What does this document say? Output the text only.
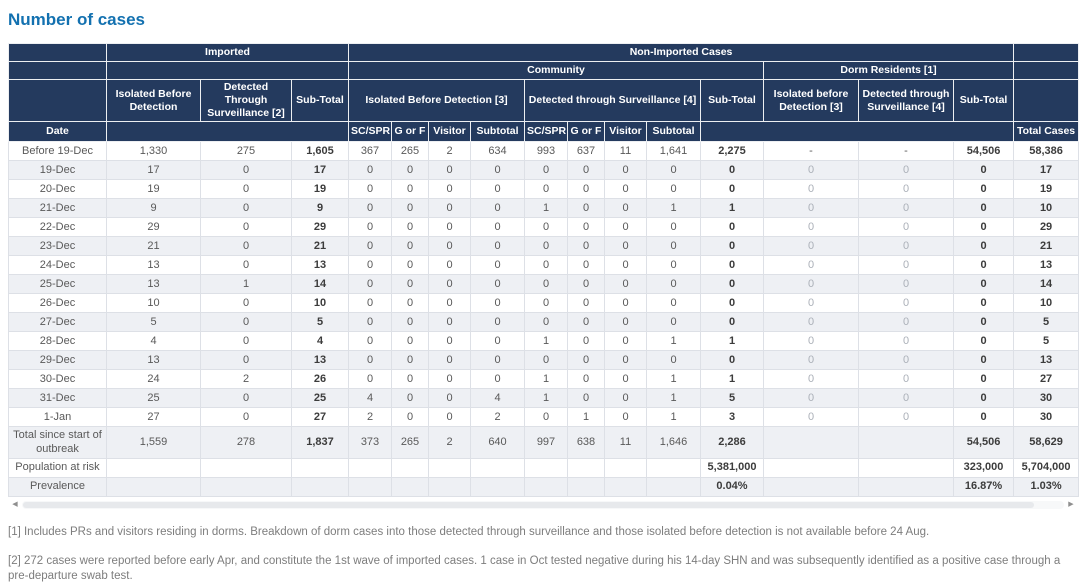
Number of cases
	Imported			Non-Imported Cases												
				Community									Dorm Residents [1]			
	Isolated Before Detection	Detected Through Surveillance [2]	Sub-Total	Isolated Before Detection [3]				Detected through Surveillance [4]				Sub-Total	Isolated before Detection [3]	Detected through Surveillance [4]	Sub-Total	
Date				SC/SPR	G or F	Visitor	Subtotal	SC/SPR	G or F	Visitor	Subtotal					Total Cases
Before 19-Dec	1,330	275	1,605	367	265	2	634	993	637	11	1,641	2,275	-	-	54,506	58,386
19-Dec	17	0	17	0	0	0	0	0	0	0	0	0	0	0	0	17
20-Dec	19	0	19	0	0	0	0	0	0	0	0	0	0	0	0	19
21-Dec	9	0	9	0	0	0	0	1	0	0	1	1	0	0	0	10
22-Dec	29	0	29	0	0	0	0	0	0	0	0	0	0	0	0	29
23-Dec	21	0	21	0	0	0	0	0	0	0	0	0	0	0	0	21
24-Dec	13	0	13	0	0	0	0	0	0	0	0	0	0	0	0	13
25-Dec	13	1	14	0	0	0	0	0	0	0	0	0	0	0	0	14
26-Dec	10	0	10	0	0	0	0	0	0	0	0	0	0	0	0	10
27-Dec	5	0	5	0	0	0	0	0	0	0	0	0	0	0	0	5
28-Dec	4	0	4	0	0	0	0	1	0	0	1	1	0	0	0	5
29-Dec	13	0	13	0	0	0	0	0	0	0	0	0	0	0	0	13
30-Dec	24	2	26	0	0	0	0	1	0	0	1	1	0	0	0	27
31-Dec	25	0	25	4	0	0	4	1	0	0	1	5	0	0	0	30
1-Jan	27	0	27	2	0	0	2	0	1	0	1	3	0	0	0	30
Total since start of outbreak	1,559	278	1,837	373	265	2	640	997	638	11	1,646	2,286			54,506	58,629
Population at risk												5,381,000			323,000	5,704,000
Prevalence												0.04%			16.87%	1.03%
◀	▶

[1] Includes PRs and visitors residing in dorms. Breakdown of dorm cases into those detected through surveillance and those isolated before detection is not available before 24 Aug.

[2] 272 cases were reported before early Apr, and constitute the 1st wave of imported cases. 1 case in Oct tested negative during his 14-day SHN and was subsequently identified as a positive case through a pre-departure swab test.
